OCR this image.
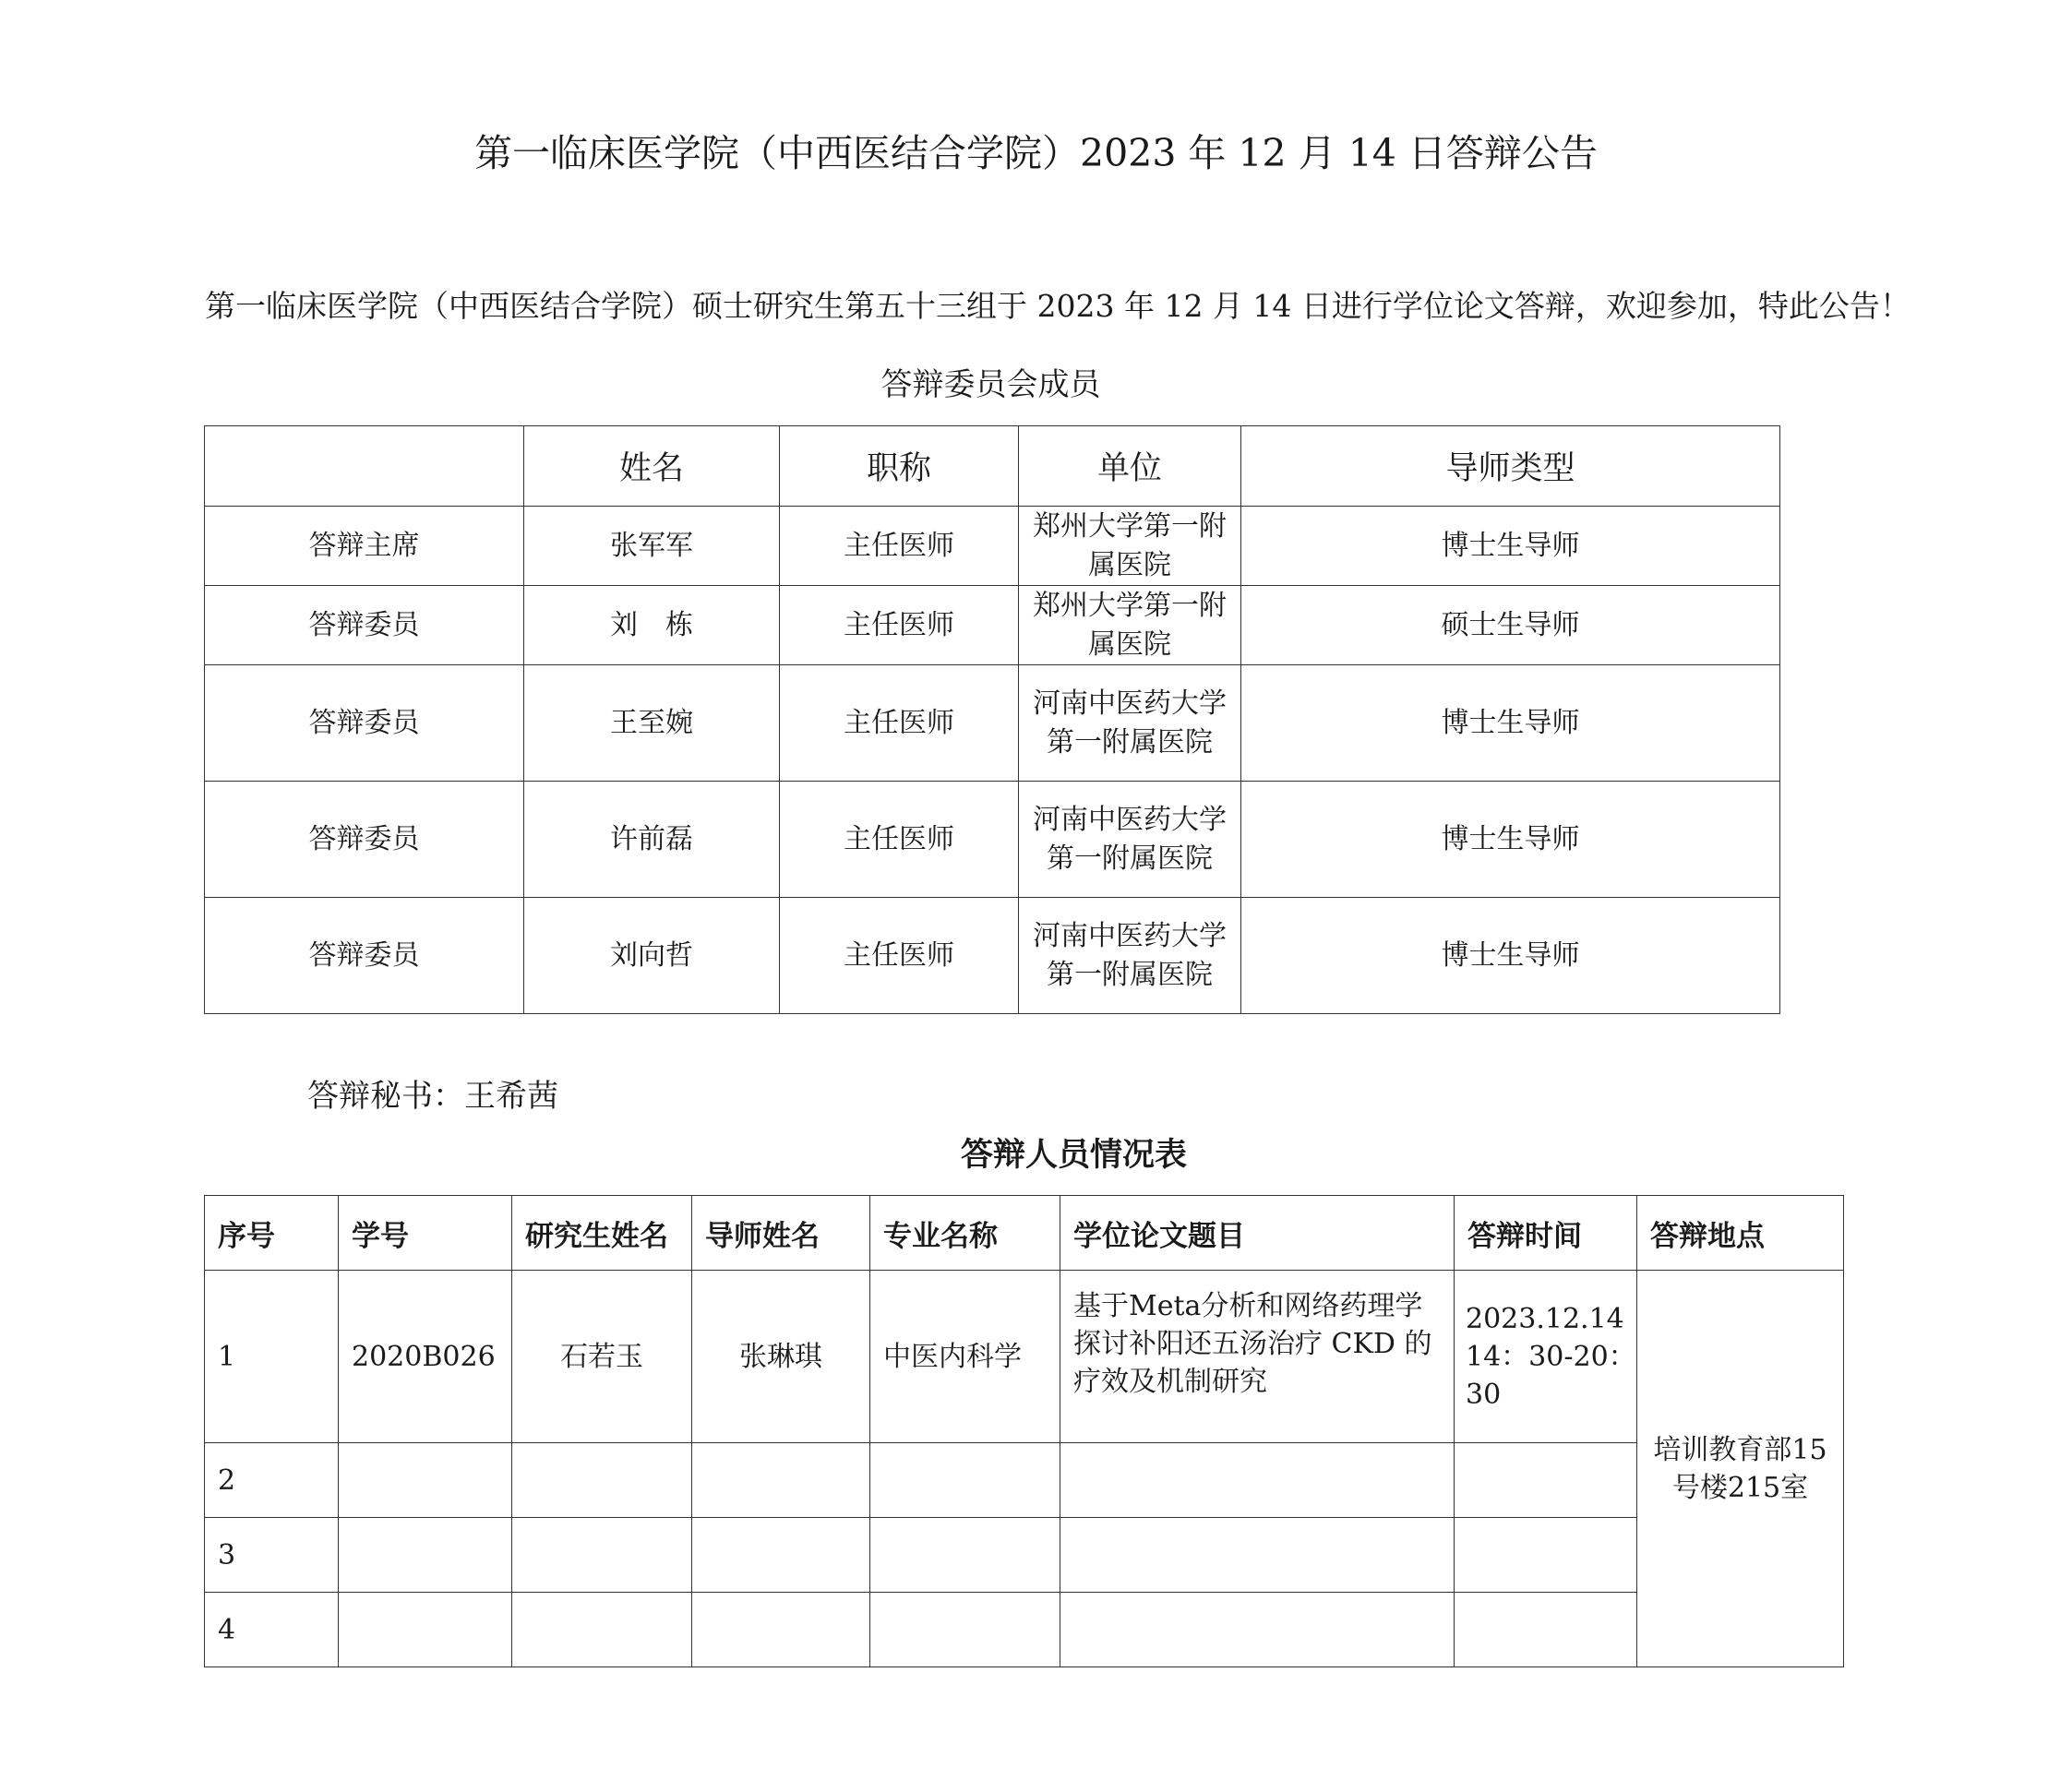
第一临床医学院（中西医结合学院）2023 年 12 月 14 日答辩公告
第一临床医学院（中西医结合学院）硕士研究生第五十三组于 2023 年 12 月 14 日进行学位论文答辩，欢迎参加，特此公告！
答辩委员会成员
	姓名	职称	单位	导师类型
答辩主席	张军军	主任医师	郑州大学第一附属医院	博士生导师
答辩委员	刘　栋	主任医师	郑州大学第一附属医院	硕士生导师
答辩委员	王至婉	主任医师	河南中医药大学第一附属医院	博士生导师
答辩委员	许前磊	主任医师	河南中医药大学第一附属医院	博士生导师
答辩委员	刘向哲	主任医师	河南中医药大学第一附属医院	博士生导师
答辩秘书：王希茜
答辩人员情况表
序号	学号	研究生姓名	导师姓名	专业名称	学位论文题目	答辩时间	答辩地点
1	2020B026	石若玉	张琳琪	中医内科学	基于Meta分析和网络药理学探讨补阳还五汤治疗 CKD 的疗效及机制研究	2023.12.14 14：30-20：30	培训教育部15号楼215室
2							
3							
4							
